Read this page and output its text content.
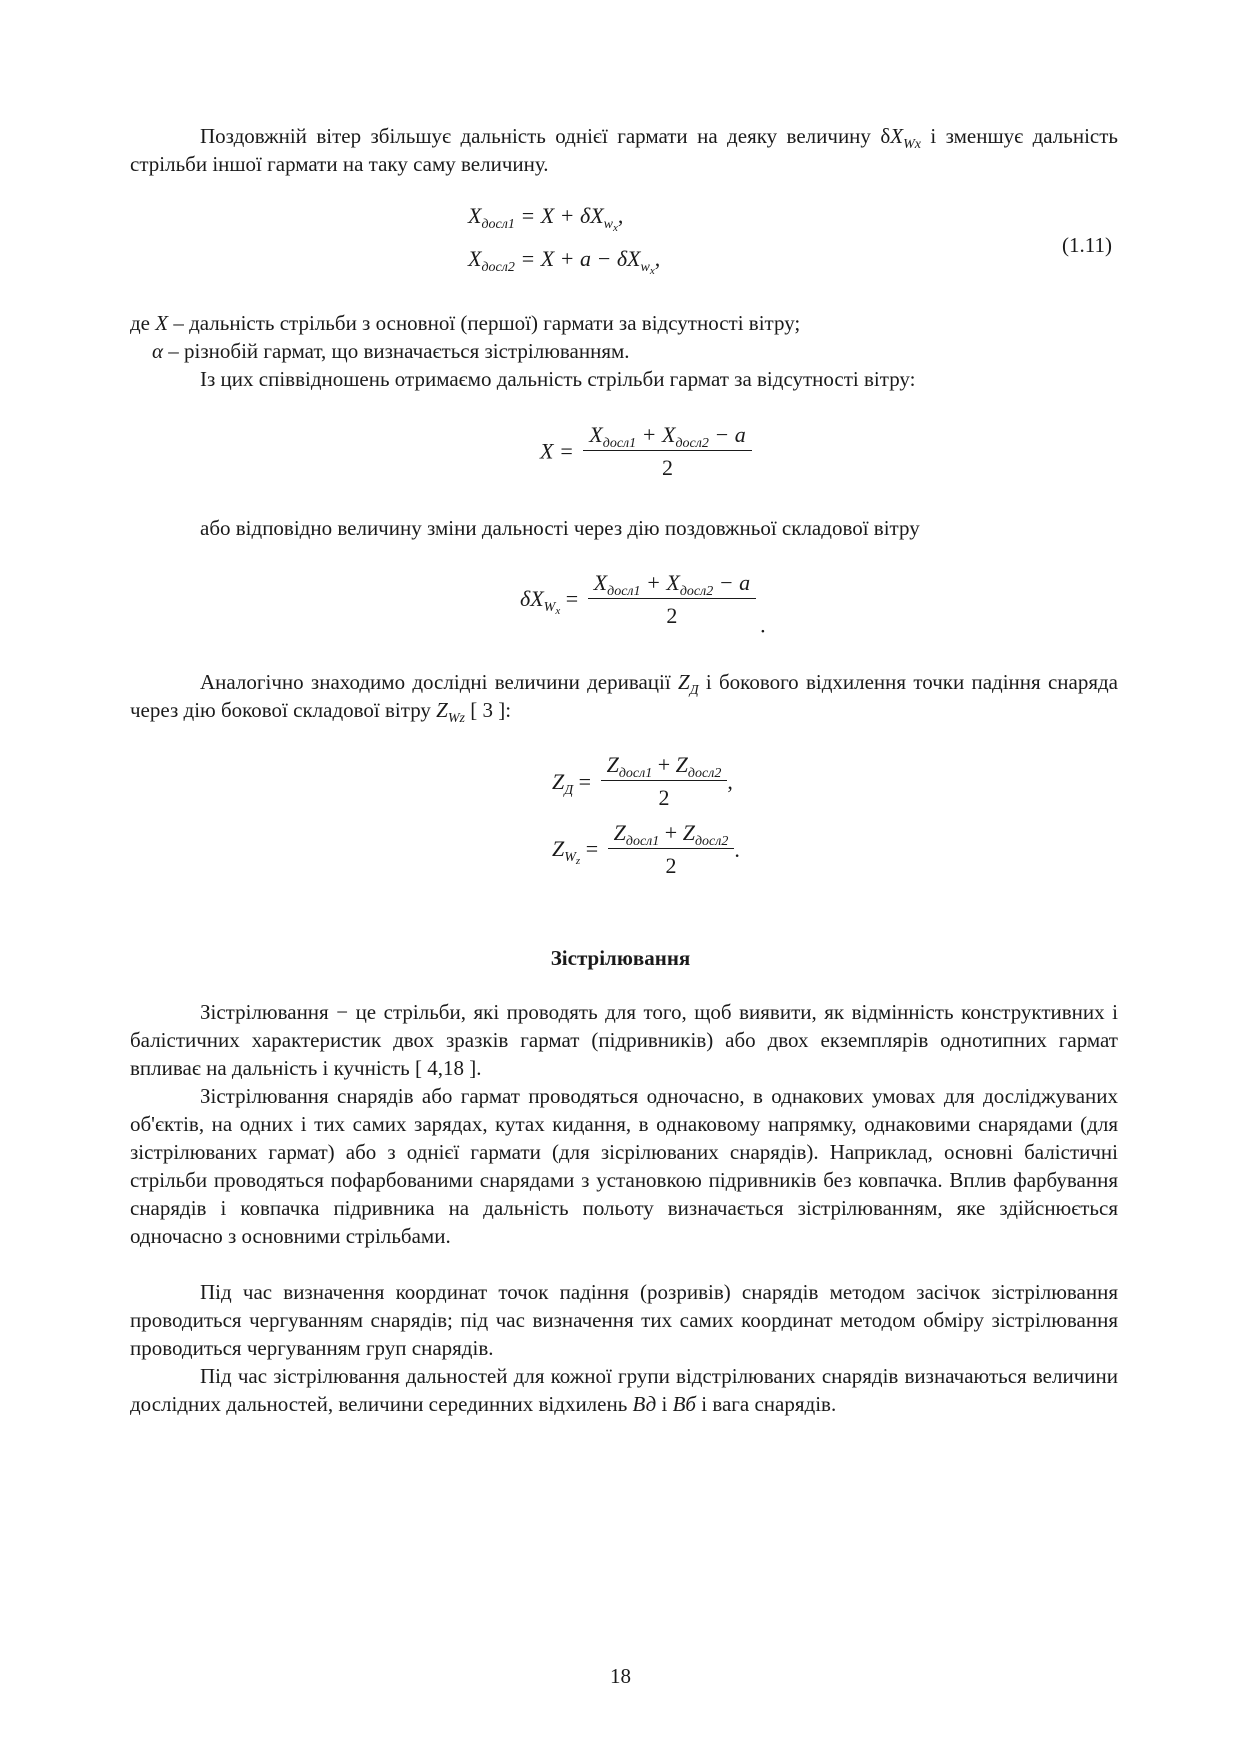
Поздовжній вітер збільшує дальність однієї гармати на деяку величину $\delta X_{Wx}$ і зменшує дальність стрільби іншої гармати на таку саму величину.
$X_{досл1} = X + \delta X_{w_x}$,
$X_{досл2} = X + a - \delta X_{w_x}$,
(1.11)
де X – дальність стрільби з основної (першої) гармати за відсутності вітру;
α – різнобій гармат, що визначається зістрілюванням.
Із цих співвідношень отримаємо дальність стрільби гармат за відсутності вітру:
$X = \frac{X_{досл1} + X_{досл2} - a}{2}$
або відповідно величину зміни дальності через дію поздовжньої складової вітру
$\delta X_{W_x} = \frac{X_{досл1} + X_{досл2} - a}{2}$ .
Аналогічно знаходимо дослідні величини деривації $Z_Д$ і бокового відхилення точки падіння снаряда через дію бокової складової вітру $Z_{Wz}$ [ 3 ]:
$Z_Д = \frac{Z_{досл1} + Z_{досл2}}{2}$ ,
$Z_{W_z} = \frac{Z_{досл1} + Z_{досл2}}{2}$ .
Зістрілювання
Зістрілювання − це стрільби, які проводять для того, щоб виявити, як відмінність конструктивних і балістичних характеристик двох зразків гармат (підривників) або двох екземплярів однотипних гармат впливає на дальність і кучність [ 4,18 ].
Зістрілювання снарядів або гармат проводяться одночасно, в однакових умовах для досліджуваних об'єктів, на одних і тих самих зарядах, кутах кидання, в однаковому напрямку, однаковими снарядами (для зістрілюваних гармат) або з однієї гармати (для зісрілюваних снарядів). Наприклад, основні балістичні стрільби проводяться пофарбованими снарядами з установкою підривників без ковпачка. Вплив фарбування снарядів і ковпачка підривника на дальність польоту визначається зістрілюванням, яке здійснюється одночасно з основними стрільбами.
Під час визначення координат точок падіння (розривів) снарядів методом засічок зістрілювання проводиться чергуванням снарядів; під час визначення тих самих координат методом обміру зістрілювання проводиться чергуванням груп снарядів.
Під час зістрілювання дальностей для кожної групи відстрілюваних снарядів визначаються величини дослідних дальностей, величини серединних відхилень Вд і Вб і вага снарядів.
18
